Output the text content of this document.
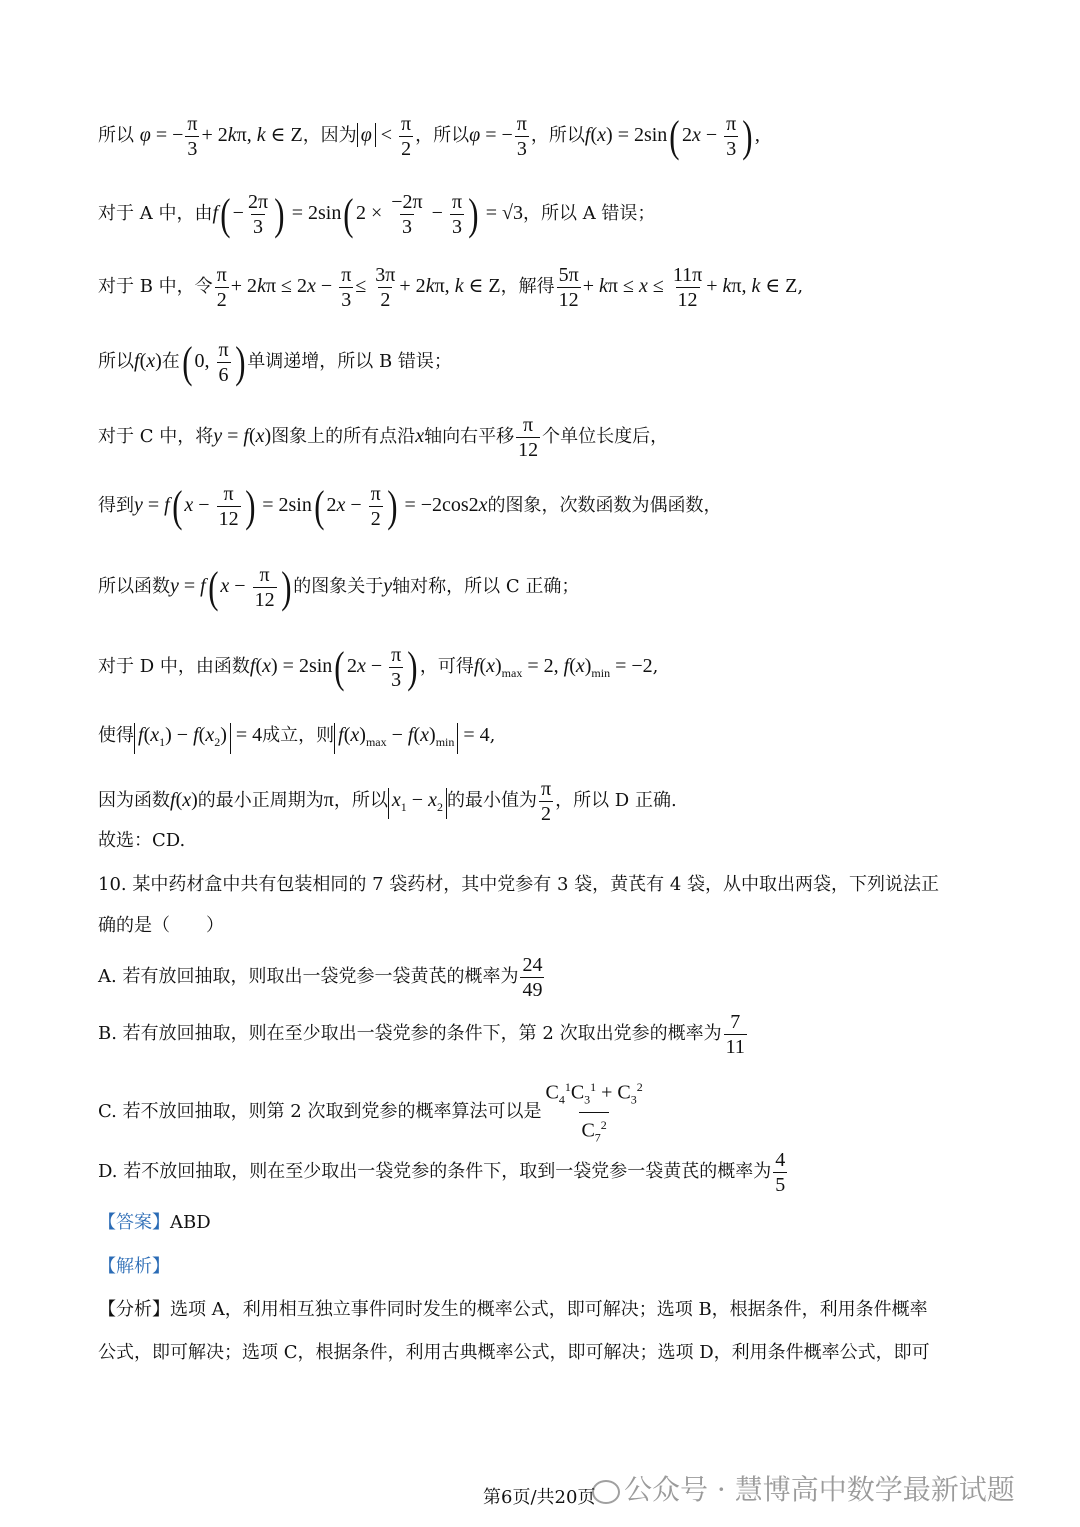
所以 φ = − $\frac{\pi}{3} + 2k\pi$, k ∈ Z，因为 $\varphi < \frac{\pi}{2}$ ，所以φ = − $\frac{\pi}{3}$ ，所以f(x) = 2sin( $2x - \frac{\pi}{3}$ ) ,
对于 A 中，由$f( - \frac{2\pi}{3}$ ) = 2sin( $2 \times \frac{-2\pi}{3} - \frac{\pi}{3}$ ) = √3，所以 A 错误；
对于 B 中，令 $\frac{\pi}{2} + 2k\pi \le 2x - \frac{\pi}{3} \le \frac{3\pi}{2} + 2k\pi$, k ∈ Z，解得 $\frac{5\pi}{12} + k\pi \le x \le \frac{11\pi}{12} + k\pi$, k ∈ Z,
所以f(x)在( 0, $\frac{\pi}{6}$ ) 单调递增，所以 B 错误；
对于 C 中，将y = f(x)图象上的所有点沿x轴向右平移 $\frac{\pi}{12}$ 个单位长度后，
得到y = f( $x - \frac{\pi}{12}$ ) = 2sin( $2x - \frac{\pi}{2}$ ) = −2cos2x的图象，次数函数为偶函数，
所以函数y = f( $x - \frac{\pi}{12}$ ) 的图象关于y轴对称，所以 C 正确；
对于 D 中，由函数f(x) = 2sin( $2x - \frac{\pi}{3}$ ) ，可得$f(x)_{max} = 2$, $f(x)_{min} = -2$,
使得 $f(x_1) - f(x_2) = 4$成立，则 $f(x)_{max} - f(x)_{min} = 4$,
因为函数f(x)的最小正周期为π，所以 $x_1 - x_2$ 的最小值为 $\frac{\pi}{2}$ ，所以 D 正确.
故选：CD.
10. 某中药材盒中共有包装相同的 7 袋药材，其中党参有 3 袋，黄芪有 4 袋，从中取出两袋，下列说法正
确的是（　　）
A. 若有放回抽取，则取出一袋党参一袋黄芪的概率为 $\frac{24}{49}$
B. 若有放回抽取，则在至少取出一袋党参的条件下，第 2 次取出党参的概率为 $\frac{7}{11}$
C. 若不放回抽取，则第 2 次取到党参的概率算法可以是 $\frac{C_4^1C_3^1 + C_3^2}{C_7^2}$
D. 若不放回抽取，则在至少取出一袋党参的条件下，取到一袋党参一袋黄芪的概率为 $\frac{4}{5}$
【答案】ABD
【解析】
【分析】选项 A，利用相互独立事件同时发生的概率公式，即可解决；选项 B，根据条件，利用条件概率
公式，即可解决；选项 C，根据条件，利用古典概率公式，即可解决；选项 D，利用条件概率公式，即可
公众号 · 慧博高中数学最新试题
第6页/共20页
